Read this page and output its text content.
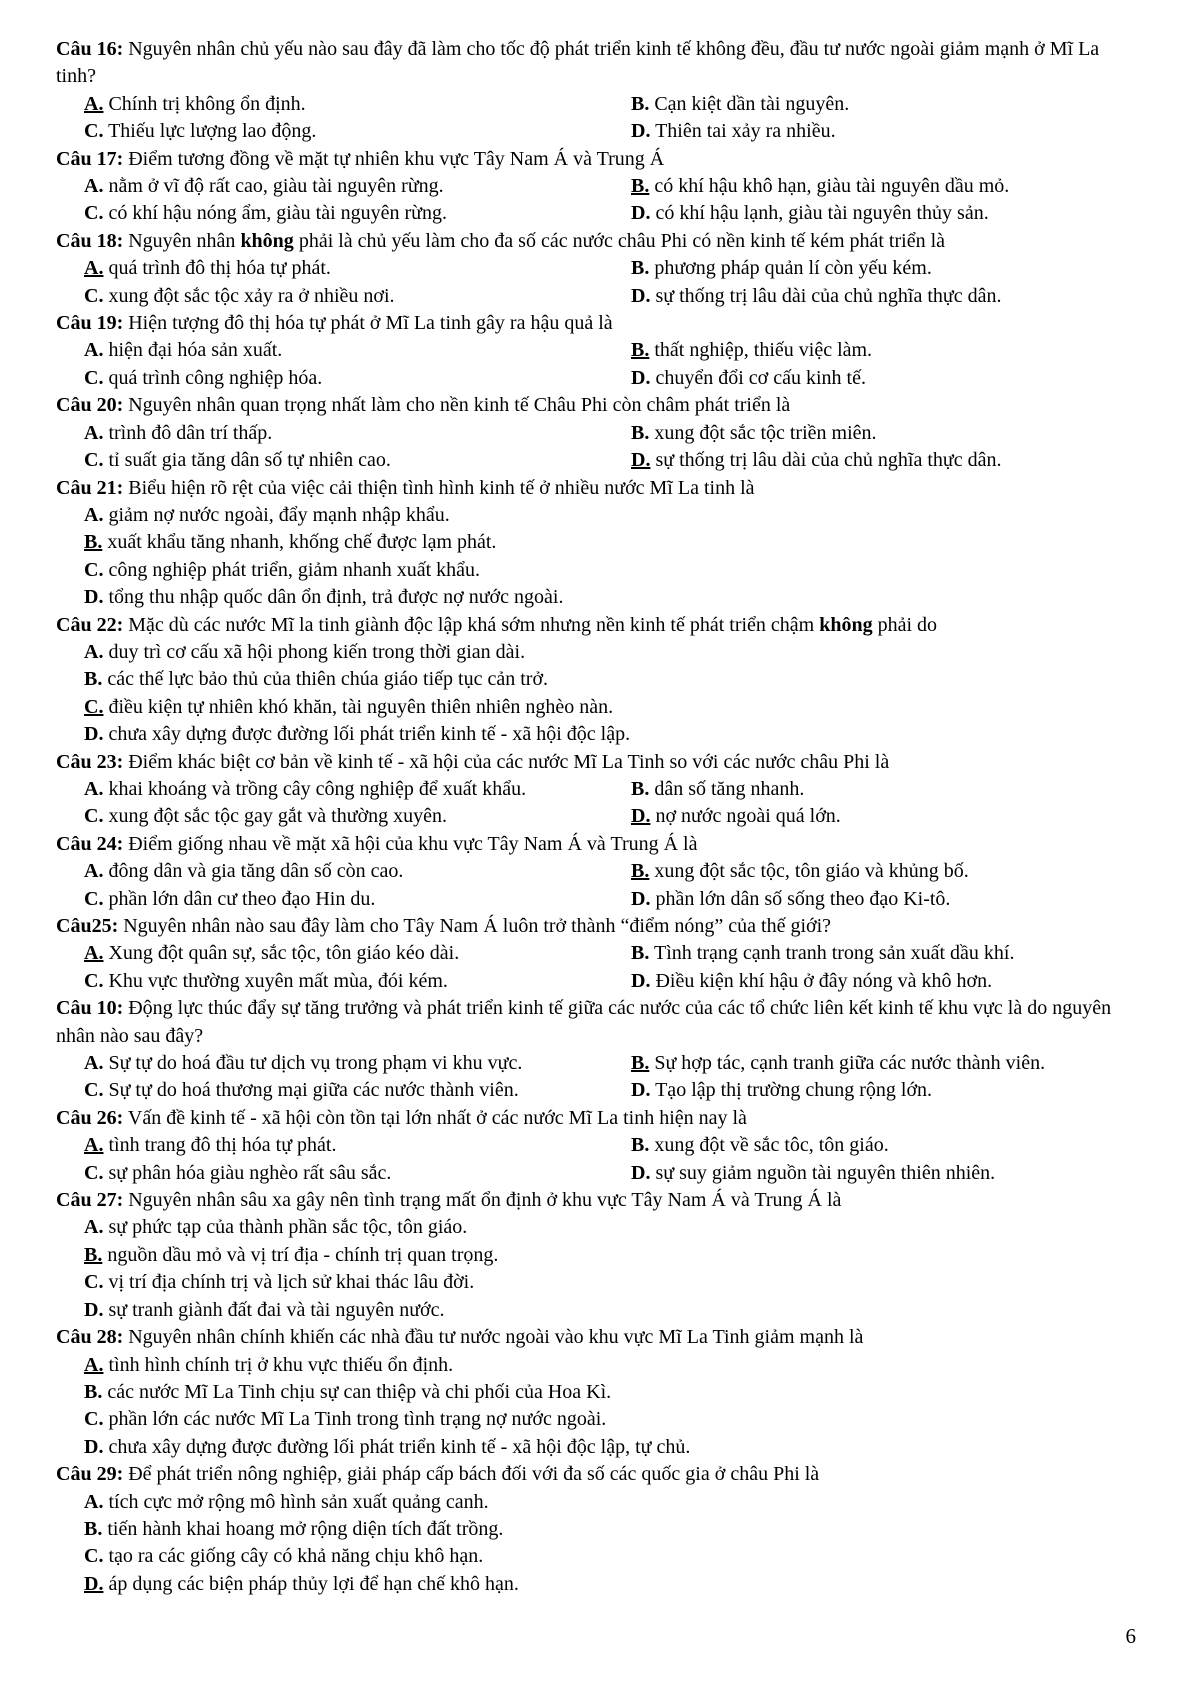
Câu 16: Nguyên nhân chủ yếu nào sau đây đã làm cho tốc độ phát triển kinh tế không đều, đầu tư nước ngoài giảm mạnh ở Mĩ La tinh?

A. Chính trị không ổn định.	B. Cạn kiệt dần tài nguyên.
C. Thiếu lực lượng lao động.	D. Thiên tai xảy ra nhiều.

Câu 17: Điểm tương đồng về mặt tự nhiên khu vực Tây Nam Á và Trung Á

A. nằm ở vĩ độ rất cao, giàu tài nguyên rừng.	B. có khí hậu khô hạn, giàu tài nguyên dầu mỏ.
C. có khí hậu nóng ẩm, giàu tài nguyên rừng.	D. có khí hậu lạnh, giàu tài nguyên thủy sản.

Câu 18: Nguyên nhân không phải là chủ yếu làm cho đa số các nước châu Phi có nền kinh tế kém phát triển là

A. quá trình đô thị hóa tự phát.	B. phương pháp quản lí còn yếu kém.
C. xung đột sắc tộc xảy ra ở nhiều nơi.	D. sự thống trị lâu dài của chủ nghĩa thực dân.

Câu 19: Hiện tượng đô thị hóa tự phát ở Mĩ La tinh gây ra hậu quả là

A. hiện đại hóa sản xuất.	B. thất nghiệp, thiếu việc làm.
C. quá trình công nghiệp hóa.	D. chuyển đổi cơ cấu kinh tế.

Câu 20: Nguyên nhân quan trọng nhất làm cho nền kinh tế Châu Phi còn châm phát triển là

A. trình đô dân trí thấp.	B. xung đột sắc tộc triền miên.
C. tỉ suất gia tăng dân số tự nhiên cao.	D. sự thống trị lâu dài của chủ nghĩa thực dân.

Câu 21: Biểu hiện rõ rệt của việc cải thiện tình hình kinh tế ở nhiều nước Mĩ La tinh là

A. giảm nợ nước ngoài, đẩy mạnh nhập khẩu.
B. xuất khẩu tăng nhanh, khống chế được lạm phát.
C. công nghiệp phát triển, giảm nhanh xuất khẩu.
D. tổng thu nhập quốc dân ổn định, trả được nợ nước ngoài.

Câu 22: Mặc dù các nước Mĩ la tinh giành độc lập khá sớm nhưng nền kinh tế phát triển chậm không phải do

A. duy trì cơ cấu xã hội phong kiến trong thời gian dài.
B. các thế lực bảo thủ của thiên chúa giáo tiếp tục cản trở.
C. điều kiện tự nhiên khó khăn, tài nguyên thiên nhiên nghèo nàn.
D. chưa xây dựng được đường lối phát triển kinh tế - xã hội độc lập.

Câu 23: Điểm khác biệt cơ bản về kinh tế - xã hội của các nước Mĩ La Tinh so với các nước châu Phi là

A. khai khoáng và trồng cây công nghiệp để xuất khẩu.	B. dân số tăng nhanh.
C. xung đột sắc tộc gay gắt và thường xuyên.	D. nợ nước ngoài quá lớn.

Câu 24: Điểm giống nhau về mặt xã hội của khu vực Tây Nam Á và Trung Á là

A. đông dân và gia tăng dân số còn cao.	B. xung đột sắc tộc, tôn giáo và khủng bố.
C. phần lớn dân cư theo đạo Hin du.	D. phần lớn dân số sống theo đạo Ki-tô.

Câu25: Nguyên nhân nào sau đây làm cho Tây Nam Á luôn trở thành “điểm nóng” của thế giới?

A. Xung đột quân sự, sắc tộc, tôn giáo kéo dài.	B. Tình trạng cạnh tranh trong sản xuất dầu khí.
C. Khu vực thường xuyên mất mùa, đói kém.	D. Điều kiện khí hậu ở đây nóng và khô hơn.

Câu 10: Động lực thúc đẩy sự tăng trưởng và phát triển kinh tế giữa các nước của các tổ chức liên kết kinh tế khu vực là do nguyên nhân nào sau đây?

A. Sự tự do hoá đầu tư dịch vụ trong phạm vi khu vực.	B. Sự hợp tác, cạnh tranh giữa các nước thành viên.
C. Sự tự do hoá thương mại giữa các nước thành viên.	D. Tạo lập thị trường chung rộng lớn.

Câu 26: Vấn đề kinh tế - xã hội còn tồn tại lớn nhất ở các nước Mĩ La tinh hiện nay là

A. tình trang đô thị hóa tự phát.	B. xung đột về sắc tôc, tôn giáo.
C. sự phân hóa giàu nghèo rất sâu sắc.	D. sự suy giảm nguồn tài nguyên thiên nhiên.

Câu 27: Nguyên nhân sâu xa gây nên tình trạng mất ổn định ở khu vực Tây Nam Á và Trung Á là

A. sự phức tạp của thành phần sắc tộc, tôn giáo.
B. nguồn dầu mỏ và vị trí địa - chính trị quan trọng.
C. vị trí địa chính trị và lịch sử khai thác lâu đời.
D. sự tranh giành đất đai và tài nguyên nước.

Câu 28: Nguyên nhân chính khiến các nhà đầu tư nước ngoài vào khu vực Mĩ La Tinh giảm mạnh là

A. tình hình chính trị ở khu vực thiếu ổn định.
B. các nước Mĩ La Tinh chịu sự can thiệp và chi phối của Hoa Kì.
C. phần lớn các nước Mĩ La Tinh trong tình trạng nợ nước ngoài.
D. chưa xây dựng được đường lối phát triển kinh tế - xã hội độc lập, tự chủ.

Câu 29: Để phát triển nông nghiệp, giải pháp cấp bách đối với đa số các quốc gia ở châu Phi là

A. tích cực mở rộng mô hình sản xuất quảng canh.
B. tiến hành khai hoang mở rộng diện tích đất trồng.
C. tạo ra các giống cây có khả năng chịu khô hạn.
D. áp dụng các biện pháp thủy lợi để hạn chế khô hạn.
6
